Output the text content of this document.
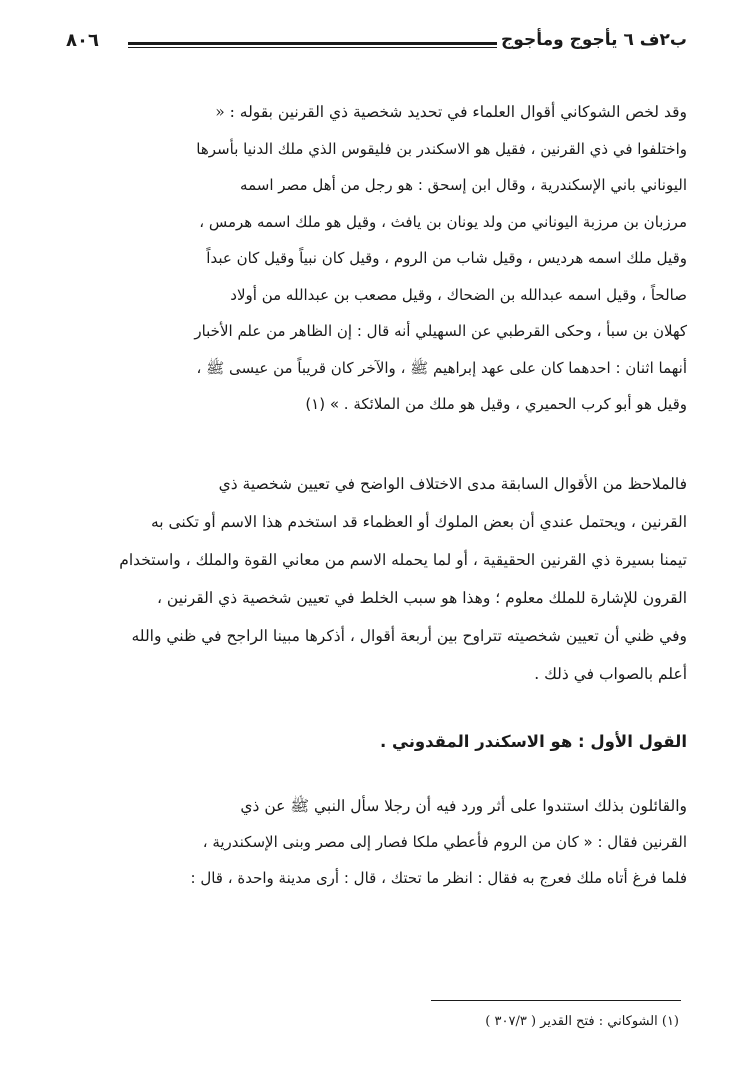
ب٢ف ٦ يأجوج ومأجوج
٨٠٦

وقد لخص الشوكاني أقوال العلماء في تحديد شخصية ذي القرنين بقوله : «

واختلفوا في ذي القرنين ، فقيل هو الاسكندر بن فليقوس الذي ملك الدنيا بأسرها

اليوناني باني الإسكندرية ، وقال ابن إسحق : هو رجل من أهل مصر اسمه

مرزبان بن مرزبة اليوناني من ولد يونان بن يافث ، وقيل هو ملك اسمه هرمس ،

وقيل ملك اسمه هرديس ، وقيل شاب من الروم ، وقيل كان نبياً وقيل كان عبداً

صالحاً ، وقيل اسمه عبدالله بن الضحاك ، وقيل مصعب بن عبدالله من أولاد

كهلان بن سبأ ، وحكى القرطبي عن السهيلي أنه قال : إن الظاهر من علم الأخبار

أنهما اثنان : احدهما كان على عهد إبراهيم ﷺ ، والآخر كان قريباً من عيسى ﷺ ،

وقيل هو أبو كرب الحميري ، وقيل هو ملك من الملائكة . » (١)

فالملاحظ من الأقوال السابقة مدى الاختلاف الواضح في تعيين شخصية ذي

القرنين ، ويحتمل عندي أن بعض الملوك أو العظماء قد استخدم هذا الاسم أو تكنى به

تيمنا بسيرة ذي القرنين الحقيقية ، أو لما يحمله الاسم من معاني القوة والملك ، واستخدام

القرون للإشارة للملك معلوم ؛ وهذا هو سبب الخلط في تعيين شخصية ذي القرنين ،

وفي ظني أن تعيين شخصيته تتراوح بين أربعة أقوال ، أذكرها مبينا الراجح في ظني والله

أعلم بالصواب في ذلك .

القول الأول : هو الاسكندر المقدوني .

والقائلون بذلك استندوا على أثر ورد فيه أن رجلا سأل النبي ﷺ عن ذي

القرنين فقال : « كان من الروم فأعطي ملكا فصار إلى مصر وبنى الإسكندرية ،

فلما فرغ أتاه ملك فعرج به فقال : انظر ما تحتك ، قال : أرى مدينة واحدة ، قال :

(١) الشوكاني : فتح القدير ( ٣٠٧/٣ )
